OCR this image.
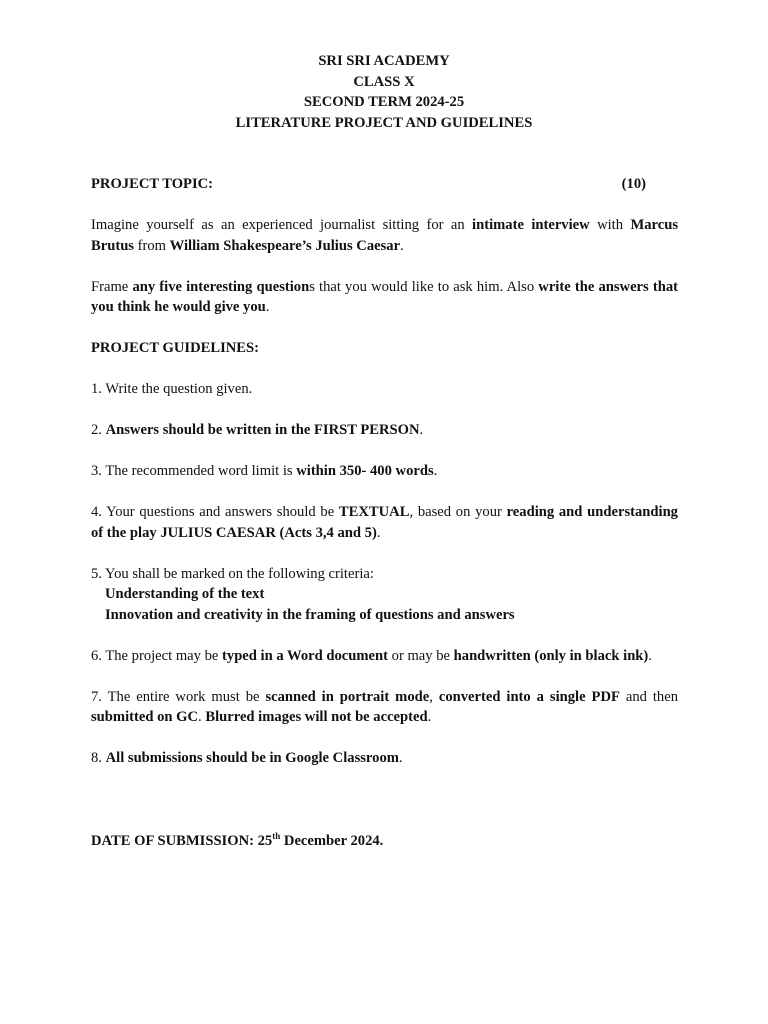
SRI SRI ACADEMY
CLASS X
SECOND TERM 2024-25
LITERATURE PROJECT AND GUIDELINES
PROJECT TOPIC:	(10)

Imagine yourself as an experienced journalist sitting for an intimate interview with Marcus Brutus from William Shakespeare’s Julius Caesar.

Frame any five interesting questions that you would like to ask him. Also write the answers that you think he would give you.

PROJECT GUIDELINES:

1. Write the question given.

2. Answers should be written in the FIRST PERSON.

3. The recommended word limit is within 350- 400 words.

4. Your questions and answers should be TEXTUAL, based on your reading and understanding of the play JULIUS CAESAR (Acts 3,4 and 5).

5. You shall be marked on the following criteria:
Understanding of the text
Innovation and creativity in the framing of questions and answers

6. The project may be typed in a Word document or may be handwritten (only in black ink).

7. The entire work must be scanned in portrait mode, converted into a single PDF and then submitted on GC. Blurred images will not be accepted.

8. All submissions should be in Google Classroom.

DATE OF SUBMISSION: 25th December 2024.
